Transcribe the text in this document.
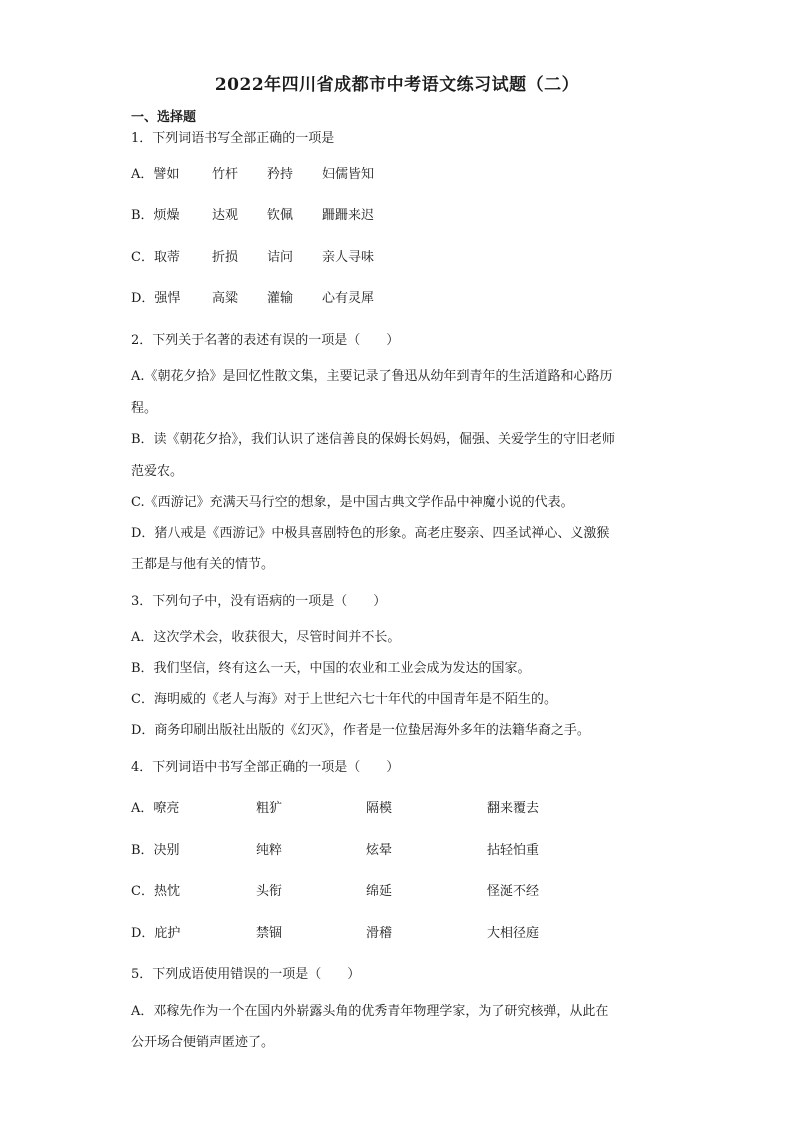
2022年四川省成都市中考语文练习试题（二）
一、选择题
1．下列词语书写全部正确的一项是
A．譬如	竹杆 矜持 妇儒皆知
B．烦燥 达观 钦佩 跚跚来迟
C．取蒂 折损 诘问 亲人寻味
D．强悍 高粱 灌输 心有灵犀
2．下列关于名著的表述有误的一项是（　　）
A.《朝花夕拾》是回忆性散文集，主要记录了鲁迅从幼年到青年的生活道路和心路历
程。
B．读《朝花夕拾》，我们认识了迷信善良的保姆长妈妈，倔强、关爱学生的守旧老师
范爱农。
C.《西游记》充满天马行空的想象，是中国古典文学作品中神魔小说的代表。
D．猪八戒是《西游记》中极具喜剧特色的形象。高老庄娶亲、四圣试禅心、义激猴
王都是与他有关的情节。
3．下列句子中，没有语病的一项是（　　）
A．这次学术会，收获很大，尽管时间并不长。
B．我们坚信，终有这么一天，中国的农业和工业会成为发达的国家。
C．海明威的《老人与海》对于上世纪六七十年代的中国青年是不陌生的。
D．商务印刷出版社出版的《幻灭》，作者是一位蛰居海外多年的法籍华裔之手。
4．下列词语中书写全部正确的一项是（　　）
A．嘹亮	粗犷	隔模	翻来覆去
B．决别	纯粹	炫晕	拈轻怕重
C．热忱	头衔	绵延	怪涎不经
D．庇护	禁锢	滑稽	大相径庭
5．下列成语使用错误的一项是（　　）
A．邓稼先作为一个在国内外崭露头角的优秀青年物理学家，为了研究核弹，从此在
公开场合便销声匿迹了。
